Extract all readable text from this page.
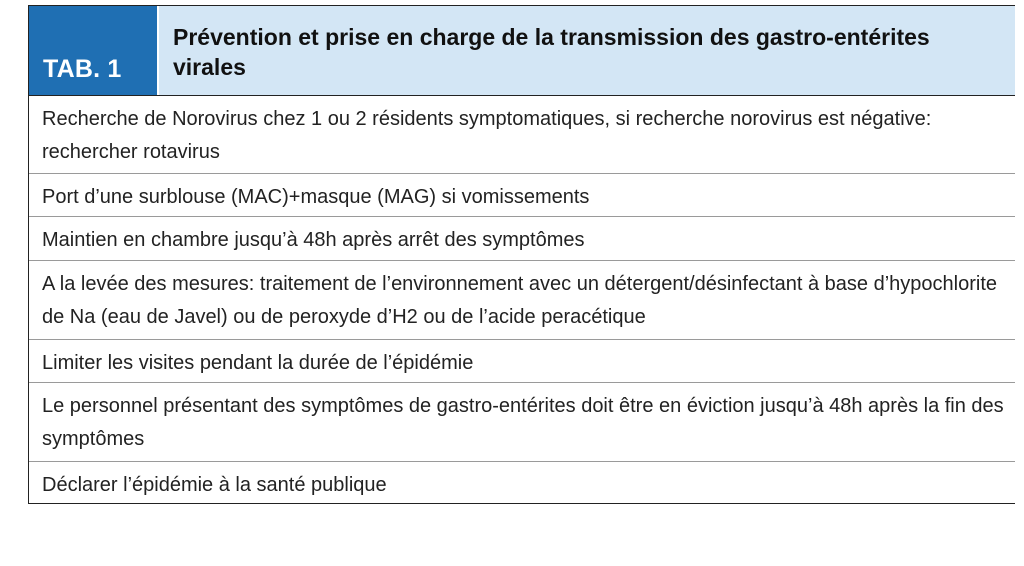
TAB. 1
Prévention et prise en charge de la transmission des gastro-entérites virales
Recherche de Norovirus chez 1 ou 2 résidents symptomatiques, si recherche norovirus est négative: rechercher rotavirus
Port d’une surblouse (MAC)+masque (MAG) si vomissements
Maintien en chambre jusqu’à 48h après arrêt des symptômes
A la levée des mesures: traitement de l’environnement avec un détergent/désinfectant à base d’hypochlorite de Na (eau de Javel) ou de peroxyde d’H2 ou de l’acide peracétique
Limiter les visites pendant la durée de l’épidémie
Le personnel présentant des symptômes de gastro-entérites doit être en éviction jusqu’à 48h après la fin des symptômes
Déclarer l’épidémie à la santé publique
